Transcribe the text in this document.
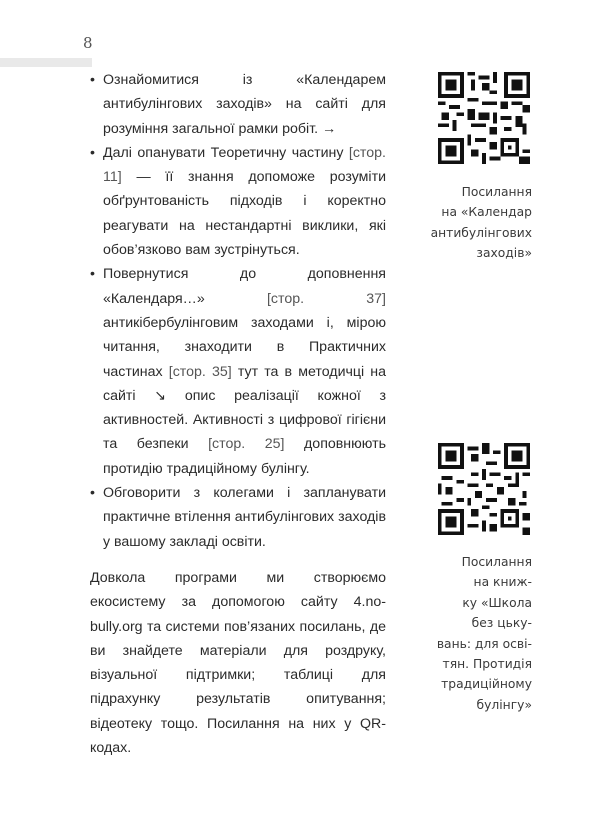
8
• Ознайомитися із «Календарем антибулінгових заходів» на сайті для розуміння загальної рамки робіт. →
• Далі опанувати Теоретичну частину [стор. 11] — її знання допоможе розуміти обґрунтованість підходів і коректно реагувати на нестандартні виклики, які обов’язково вам зустрінуться.
• Повернутися до доповнення «Календаря…» [стор. 37] антикібербулінговим заходами і, мірою читання, знаходити в Практичних частинах [стор. 35] тут та в методичці на сайті ↘ опис реалізації кожної з активностей. Активності з цифрової гігієни та безпеки [стор. 25] доповнюють протидію традиційному булінгу.
• Обговорити з колегами і запланувати практичне втілення антибулінгових заходів у вашому закладі освіти.

Довкола програми ми створюємо екосистему за допомогою сайту 4.no-bully.org та системи пов’язаних посилань, де ви знайдете матеріали для роздруку, візуальної підтримки; таблиці для підрахунку результатів опитування; відеотеку тощо. Посилання на них у QR-кодах.

Посилання
на «Календар
антибулінгових
заходів»
Посилання
на книж-
ку «Школа
без цьку-
вань: для осві-
тян. Протидія
традиційному
булінгу»
